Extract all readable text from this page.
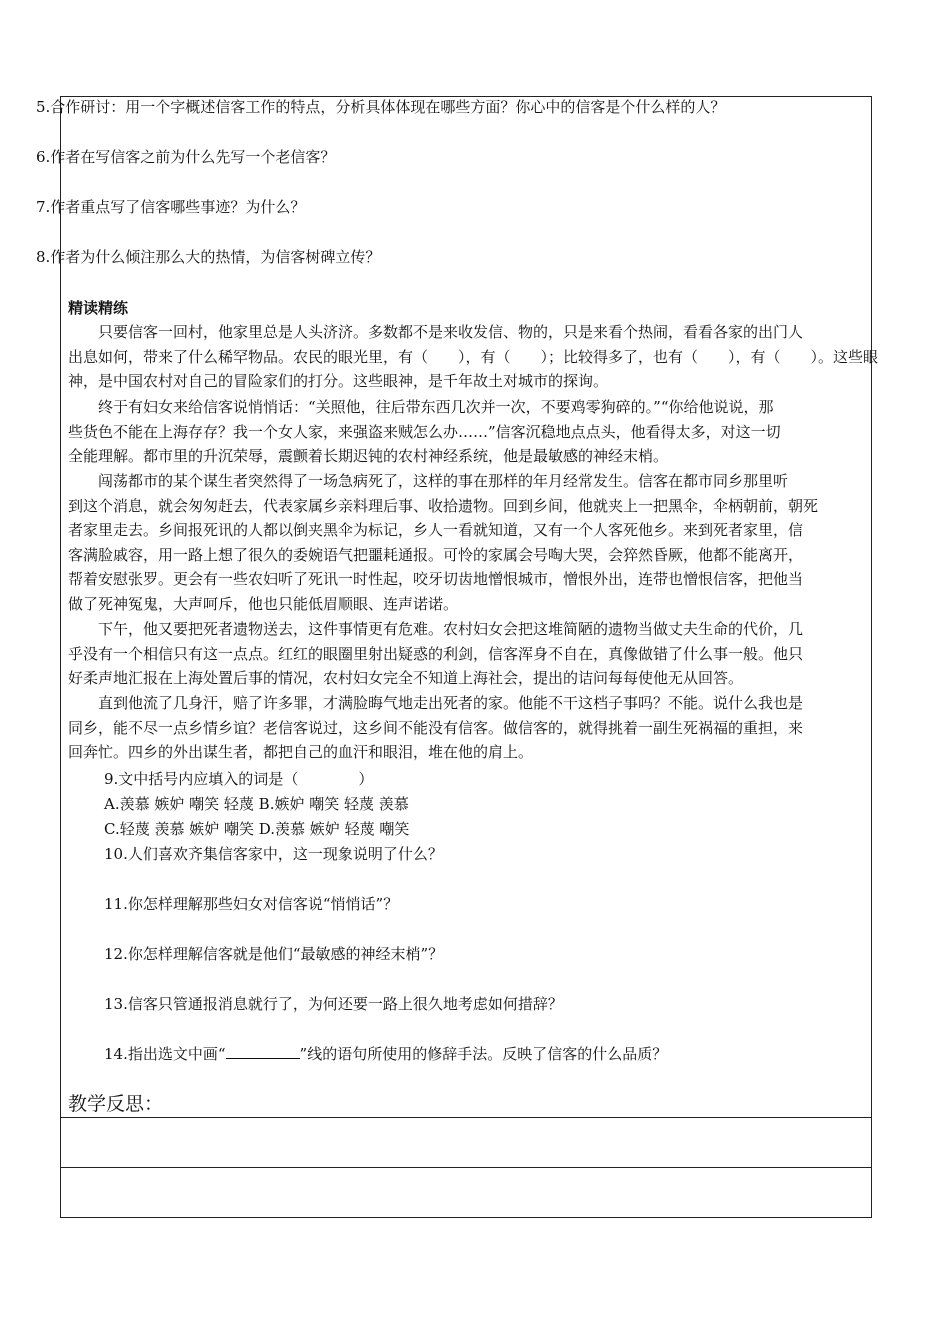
5.合作研讨：用一个字概述信客工作的特点，分析具体体现在哪些方面？你心中的信客是个什么样的人？

6.作者在写信客之前为什么先写一个老信客？

7.作者重点写了信客哪些事迹？为什么？

8.作者为什么倾注那么大的热情，为信客树碑立传？

精读精练
　　只要信客一回村，他家里总是人头济济。多数都不是来收发信、物的，只是来看个热闹，看看各家的出门人
出息如何，带来了什么稀罕物品。农民的眼光里，有（　　），有（　　）；比较得多了，也有（　　），有（　　）。这些眼
神，是中国农村对自己的冒险家们的打分。这些眼神，是千年故土对城市的探询。
　　终于有妇女来给信客说悄悄话：“关照他，往后带东西几次并一次，不要鸡零狗碎的。”“你给他说说，那
些货色不能在上海存存？我一个女人家，来强盗来贼怎么办……”信客沉稳地点点头，他看得太多，对这一切
全能理解。都市里的升沉荣辱，震颤着长期迟钝的农村神经系统，他是最敏感的神经末梢。
　　闯荡都市的某个谋生者突然得了一场急病死了，这样的事在那样的年月经常发生。信客在都市同乡那里听
到这个消息，就会匆匆赶去，代表家属乡亲料理后事、收拾遗物。回到乡间，他就夹上一把黑伞，伞柄朝前，朝死
者家里走去。乡间报死讯的人都以倒夹黑伞为标记，乡人一看就知道，又有一个人客死他乡。来到死者家里，信
客满脸戚容，用一路上想了很久的委婉语气把噩耗通报。可怜的家属会号啕大哭，会猝然昏厥，他都不能离开，
帮着安慰张罗。更会有一些农妇听了死讯一时性起，咬牙切齿地憎恨城市，憎恨外出，连带也憎恨信客，把他当
做了死神冤鬼，大声呵斥，他也只能低眉顺眼、连声诺诺。
　　下午，他又要把死者遗物送去，这件事情更有危难。农村妇女会把这堆简陋的遗物当做丈夫生命的代价，几
乎没有一个相信只有这一点点。红红的眼圈里射出疑惑的利剑，信客浑身不自在，真像做错了什么事一般。他只
好柔声地汇报在上海处置后事的情况，农村妇女完全不知道上海社会，提出的诘问每每使他无从回答。
　　直到他流了几身汗，赔了许多罪，才满脸晦气地走出死者的家。他能不干这档子事吗？不能。说什么我也是
同乡，能不尽一点乡情乡谊？老信客说过，这乡间不能没有信客。做信客的，就得挑着一副生死祸福的重担，来
回奔忙。四乡的外出谋生者，都把自己的血汗和眼泪，堆在他的肩上。
9.文中括号内应填入的词是（　　　　）
A.羡慕 嫉妒 嘲笑 轻蔑 B.嫉妒 嘲笑 轻蔑 羡慕
C.轻蔑 羡慕 嫉妒 嘲笑 D.羡慕 嫉妒 轻蔑 嘲笑

10.人们喜欢齐集信客家中，这一现象说明了什么？

11.你怎样理解那些妇女对信客说“悄悄话”？

12.你怎样理解信客就是他们“最敏感的神经末梢”？

13.信客只管通报消息就行了，为何还要一路上很久地考虑如何措辞？

14.指出选文中画“	”线的语句所使用的修辞手法。反映了信客的什么品质？

教学反思：
